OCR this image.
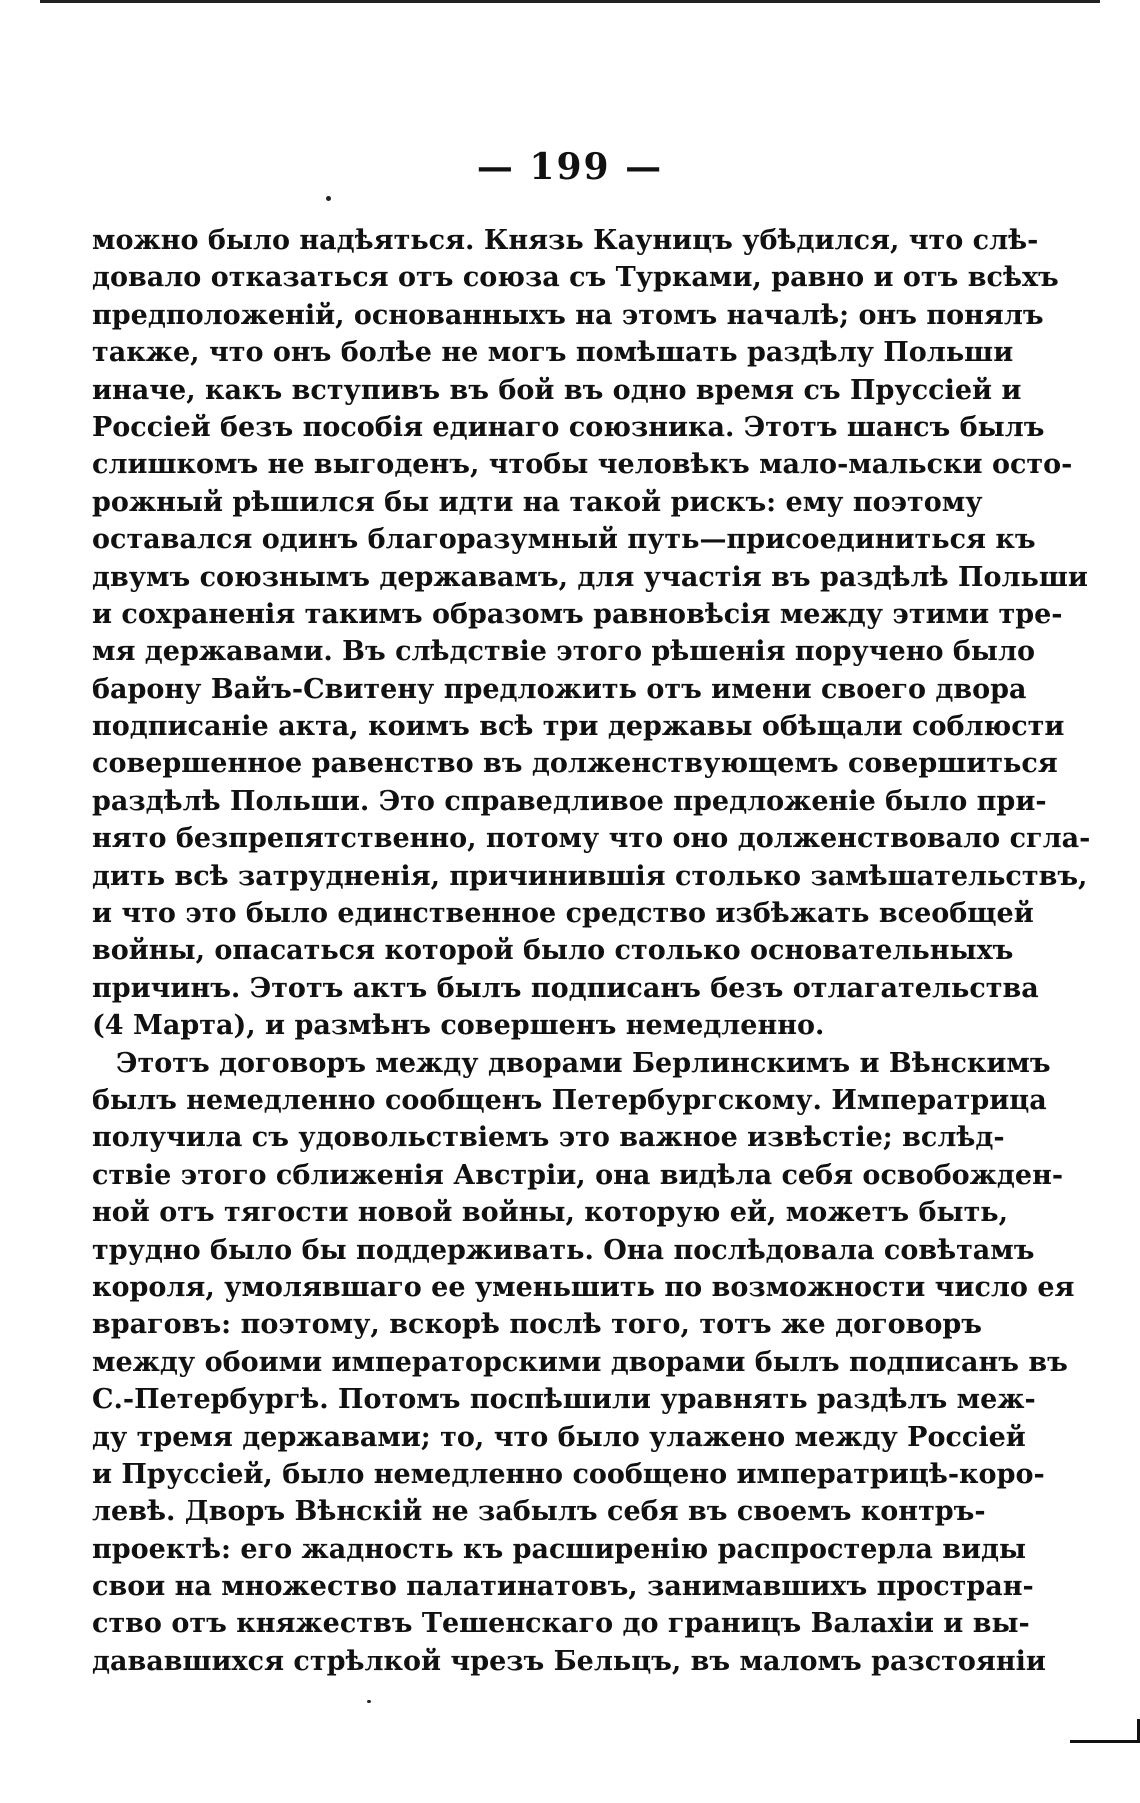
— 199 —
можно было надѣяться. Князь Кауницъ убѣдился, что слѣ-
довало отказаться отъ союза съ Турками, равно и отъ всѣхъ
предположеній, основанныхъ на этомъ началѣ; онъ понялъ
также, что онъ болѣе не могъ помѣшать раздѣлу Польши
иначе, какъ вступивъ въ бой въ одно время съ Пруссіей и
Россіей безъ пособія единаго союзника. Этотъ шансъ былъ
слишкомъ не выгоденъ, чтобы человѣкъ мало-мальски осто-
рожный рѣшился бы идти на такой рискъ: ему поэтому
оставался одинъ благоразумный путь—присоединиться къ
двумъ союзнымъ державамъ, для участія въ раздѣлѣ Польши
и сохраненія такимъ образомъ равновѣсія между этими тре-
мя державами. Въ слѣдствіе этого рѣшенія поручено было
барону Вайъ-Свитену предложить отъ имени своего двора
подписаніе акта, коимъ всѣ три державы обѣщали соблюсти
совершенное равенство въ долженствующемъ совершиться
раздѣлѣ Польши. Это справедливое предложеніе было при-
нято безпрепятственно, потому что оно долженствовало сгла-
дить всѣ затрудненія, причинившія столько замѣшательствъ,
и что это было единственное средство избѣжать всеобщей
войны, опасаться которой было столько основательныхъ
причинъ. Этотъ актъ былъ подписанъ безъ отлагательства
(4 Марта), и размѣнъ совершенъ немедленно.
Этотъ договоръ между дворами Берлинскимъ и Вѣнскимъ
былъ немедленно сообщенъ Петербургскому. Императрица
получила съ удовольствіемъ это важное извѣстіе; вслѣд-
ствіе этого сближенія Австріи, она видѣла себя освобожден-
ной отъ тягости новой войны, которую ей, можетъ быть,
трудно было бы поддерживать. Она послѣдовала совѣтамъ
короля, умолявшаго ее уменьшить по возможности число ея
враговъ: поэтому, вскорѣ послѣ того, тотъ же договоръ
между обоими императорскими дворами былъ подписанъ въ
С.-Петербургѣ. Потомъ поспѣшили уравнять раздѣлъ меж-
ду тремя державами; то, что было улажено между Россіей
и Пруссіей, было немедленно сообщено императрицѣ-коро-
левѣ. Дворъ Вѣнскій не забылъ себя въ своемъ контръ-
проектѣ: его жадность къ расширенію распростерла виды
свои на множество палатинатовъ, занимавшихъ простран-
ство отъ княжествъ Тешенскаго до границъ Валахіи и вы-
дававшихся стрѣлкой чрезъ Бельцъ, въ маломъ разстояніи
